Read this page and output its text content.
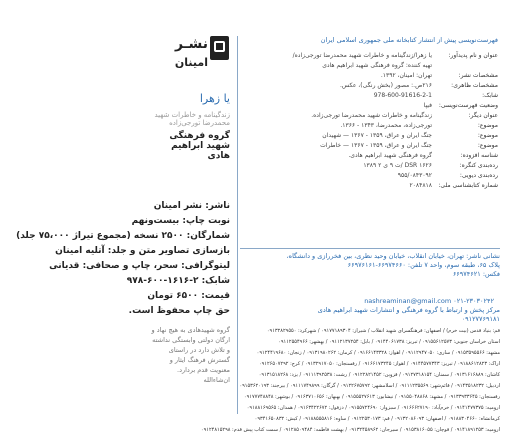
نشـر
امینان
یا زهرا
زندگینامه و خاطرات شهید محمدرضا تورجی‌زاده
گروه فرهنگی شهید ابراهیم هادی
ناشر: نشر امینان
نوبت چاپ: بیست‌ونهم
شمارگان: ۲۵۰۰ نسخه (مجموع تیراژ ۷۵،۰۰۰ جلد)
بازسازی تصاویر متن و جلد: آتلیه امینان
لیتوگرافی: سحر، چاپ و صحافی: قدیانی
شابک: ۲-۱۶۱۶-۶۰۰-۹۷۸
قیمت: ۶۵۰۰ تومان
حق چاپ محفوظ است.
گروه شهیدهادی به هیچ نهاد و ارگان دولتی وابستگی نداشته و تلاش دارد در راستای گسترش فرهنگ ایثار و معنویت قدم بردارد. ان‌شاءالله
فهرست‌نویسی پیش از انتشار کتابخانه ملی جمهوری اسلامی ایران
عنوان و نام پدیدآور:
یا زهرا/زندگینامه و خاطرات شهید محمدرضا تورجی‌زاده/
تهیه کننده: گروه فرهنگی شهید ابراهیم هادی
مشخصات نشر:
تهران: امینان، ۱۳۹۲.
مشخصات ظاهری:
۲۱۶ص.: مصور (بخش رنگی)، عکس.
شابک:
978-600-91616-2-1
وضعیت فهرست‌نویسی:
فیپا
عنوان دیگر:
زندگینامه و خاطرات شهید محمدرضا تورجی‌زاده.
موضوع:
تورجی‌زاده، محمدرضا، ۱۳۴۳ - ۱۳۶۶.
موضوع:
جنگ ایران و عراق، ۱۳۵۹ - ۱۳۶۷ — شهیدان
موضوع:
جنگ ایران و عراق، ۱۳۵۹ - ۱۳۶۷ — خاطرات
شناسه افزوده:
گروه فرهنگی شهید ابراهیم هادی.
رده‌بندی کنگره:
DSR ۱۶۲۶ /ت ۹ ی ۲ ۱۳۸۹
رده‌بندی دیویی:
۹۵۵/۰۸۴۳۰۹۲
شماره کتابشناسی ملی:
۲۰۸۴۸۱۸
نشانی ناشر: تهران، خیابان انقلاب، خیابان وحید نظری، بین فخررازی و دانشگاه،
پلاک ۶۵، طبقه سوم، واحد ۷ تلفن: ۶۶۹۷۴۶۶۰-۶۶۹۷۶۱۶۱
فکس: ۶۶۹۷۴۶۲۱
nashreaminan@gmail.com ۰۲۱-۲۳۰۳۰۲۴۲
مرکز پخش و ارتباط با گروه فرهنگی و انتشارات شهید ابراهیم هادی
۰۹۱۲۷۷۶۹۱۸۱
قم: بنیاد قدس (بیت خرم) / اصفهان: فرهنگسرای شهید انقلاب / شیراز: ۰۹۱۷۷۱۸۹۳۰۴ / شهرکرد: ۰۹۱۳۲۸۲۹۵۵۰
استان خراسان جنوبی: ۰۹۱۵۵۶۱۲۵۷۳ / تبریز: ۰۹۱۴۴۰۶۱۷۳۸ / بابل: ۰۹۱۱۲۱۳۷۲۵۴ / بهشهر: ۰۹۱۱۲۵۵۴۹۶۶
مشهد: ۰۹۱۵۳۵۹۵۵۶۶ / ساری: ۰۹۱۱۲۹۴۷۰۵۰ / اهواز: ۰۹۱۶۶۱۴۳۳۲۸ / کرمان: ۰۹۱۳۱۹۸۰۲۶۲ / زنجان: ۰۹۱۲۴۴۱۹۶۸۰
اراک: ۰۹۱۸۸۶۱۲۸۲۳ / تبریز: ۰۹۱۴۴۵۷۷۳۴۳ / اهواز: ۰۹۱۶۶۱۷۳۲۴۵ / رفسنجان: ۰۹۱۳۲۹۱۷۰۵۰ / کرج: ۰۹۱۲۶۵۰۷۲۹۲
کاشان: ۰۹۱۳۱۶۱۶۸۸۹ / سمنان: ۰۹۱۲۷۳۱۸۱۵۴ / قزوین: ۰۹۱۲۲۸۲۱۴۵۲ / رشت: ۰۹۱۱۱۳۹۲۵۳۸ / یزد: ۰۹۱۳۱۵۱۸۲۶۸
اردبیل: ۰۹۱۴۳۵۱۸۲۳۲ / قائم‌شهر: ۰۹۱۱۱۲۳۵۵۶۹ / اسلامشهر: ۰۹۱۲۲۶۷۵۷۹۲ / گرگان: ۰۹۱۱۱۷۴۹۸۹۹ / بیرجند: ۰۹۱۵۳۶۲۰۱۹۳
رفسنجان: ۰۹۱۳۳۹۳۳۶۴۵ / مشهد: ۰۹۱۵۵۰۴۸۸۶۸ / نیشابور: ۰۹۱۵۵۵۲۷۶۱۳ / بهبهان: ۰۹۱۶۳۷۱۰۶۵۶ / بوشهر: ۰۹۱۷۷۷۴۸۸۴۸
ارومیه: ۰۹۱۴۱۴۷۷۳۷۵ / خرم‌آباد: ۰۹۱۶۶۶۲۷۱۹۰ / سبزوار: ۰۹۱۵۵۷۲۴۶۹۰ / دزفول: ۰۹۱۶۳۴۲۲۶۷۲ / همدان: ۰۹۱۸۸۱۶۹۵۶۵
کرمانشاه: ۰۹۱۸۸۳۰۴۶۶۰ / اصفهان: ۰۹۱۳۲۰۸۶۰۹۳ / قم: ۰۹۱۲۲۵۳۰۱۷۳ / ساوه: ۰۹۱۸۸۵۵۵۸۱۶ / کیش: ۰۹۳۴۱۶۵۰۸۳۲
ارومیه: ۰۹۱۴۱۸۹۱۲۵۳ / قوچان: ۰۹۱۵۳۸۱۶۰۵۵ / سیرجان: ۰۹۱۳۲۴۵۸۹۶۲ / بهشت فاطمه: ۰۹۱۲۸۵۰۹۴۸۴ / سمت کتاب پیش قدم: ۰۹۱۲۴۸۱۵۲۹۸
